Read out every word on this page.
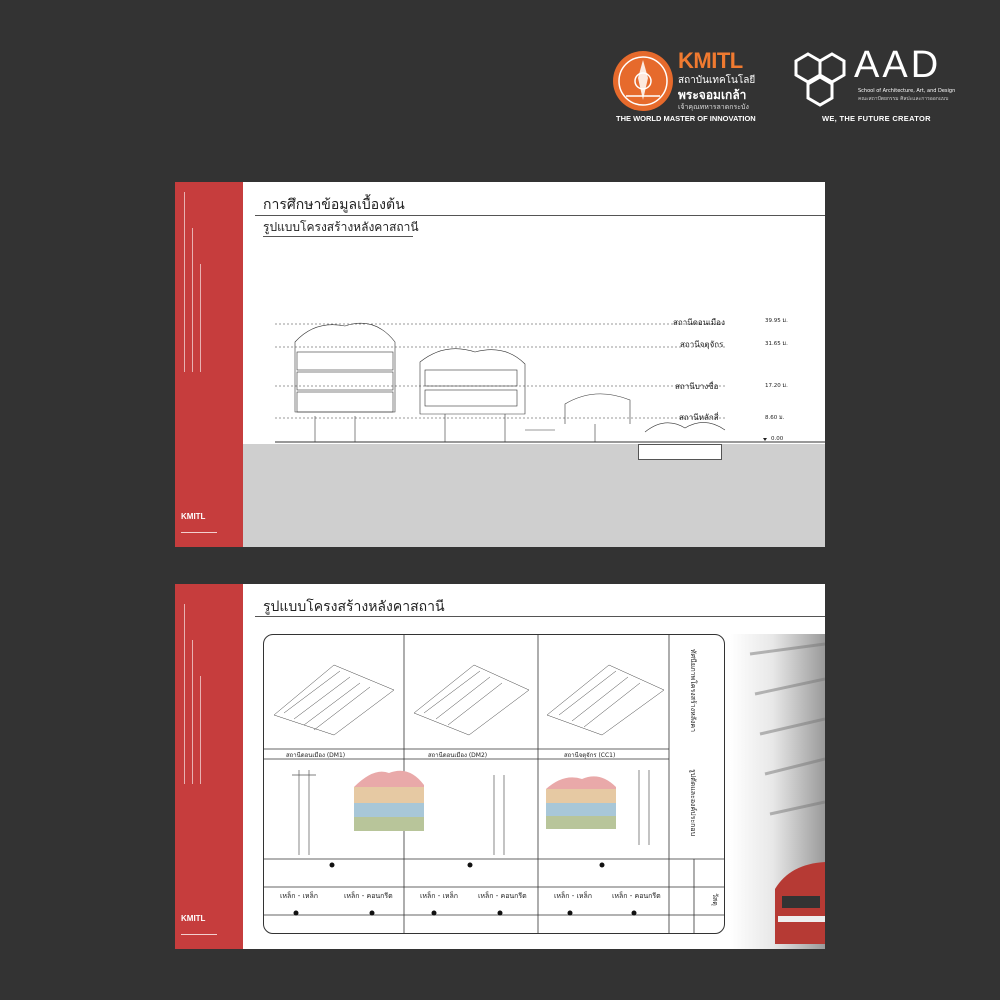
KMITL
สถาบันเทคโนโลยี
พระจอมเกล้า
เจ้าคุณทหารลาดกระบัง
THE WORLD MASTER OF INNOVATION
AAD
School of Architecture, Art, and Design
คณะสถาปัตยกรรม ศิลปะและการออกแบบ
WE, THE FUTURE CREATOR
KMITL
การศึกษาข้อมูลเบื้องต้น
รูปแบบโครงสร้างหลังคาสถานี
สถานีดอนเมือง	39.95 ม.
สถานีจตุจักร	31.65 ม.
สถานีบางซื่อ	17.20 ม.
สถานีหลักสี่	8.60 ม.
0.00
KMITL
รูปแบบโครงสร้างหลังคาสถานี
สถานีดอนเมือง (DM1)	สถานีดอนเมือง (DM2)	สถานีจตุจักร (CC1)
เหล็ก - เหล็ก	เหล็ก - คอนกรีต	เหล็ก - เหล็ก	เหล็ก - คอนกรีต	เหล็ก - เหล็ก	เหล็ก - คอนกรีต
ทัศนียภาพโครงสร้างหลังคา
รูปตัดและองค์ประกอบ
วัสดุ
